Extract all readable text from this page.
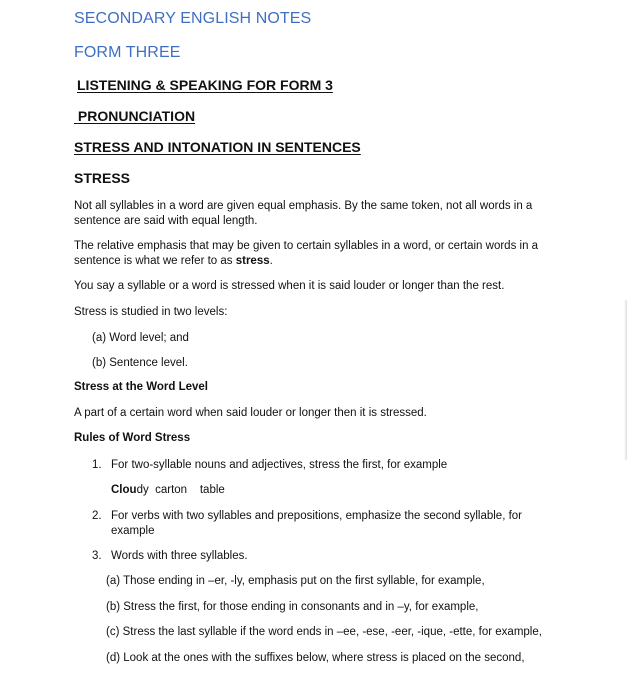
SECONDARY ENGLISH NOTES
FORM THREE
LISTENING & SPEAKING FOR FORM 3
PRONUNCIATION
STRESS AND INTONATION IN SENTENCES
STRESS
Not all syllables in a word are given equal emphasis. By the same token, not all words in a sentence are said with equal length.
The relative emphasis that may be given to certain syllables in a word, or certain words in a sentence is what we refer to as stress.
You say a syllable or a word is stressed when it is said louder or longer than the rest.
Stress is studied in two levels:
(a) Word level; and
(b) Sentence level.
Stress at the Word Level
A part of a certain word when said louder or longer then it is stressed.
Rules of Word Stress
1. For two-syllable nouns and adjectives, stress the first, for example
Cloudy carton table
2. For verbs with two syllables and prepositions, emphasize the second syllable, for example
3. Words with three syllables.
(a) Those ending in –er, -ly, emphasis put on the first syllable, for example,
(b) Stress the first, for those ending in consonants and in –y, for example,
(c) Stress the last syllable if the word ends in –ee, -ese, -eer, -ique, -ette, for example,
(d) Look at the ones with the suffixes below, where stress is placed on the second,
